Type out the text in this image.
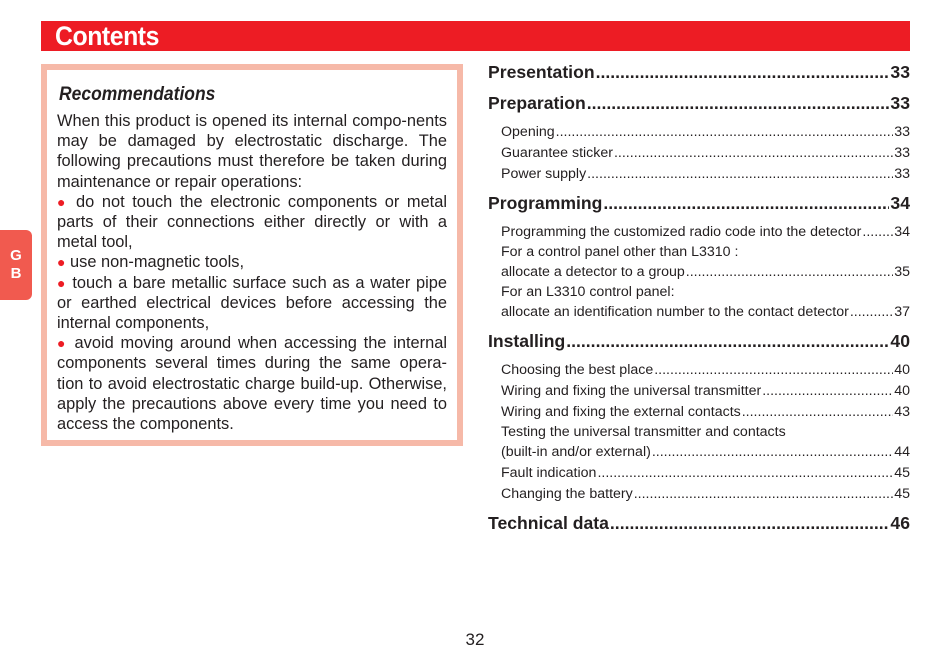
Contents
G
B
Recommendations

When this product is opened its internal compo-nents may be damaged by electrostatic discharge. The following precautions must therefore be taken during maintenance or repair operations:

● do not touch the electronic components or metal parts of their connections either directly or with a metal tool,

● use non-magnetic tools,

● touch a bare metallic surface such as a water pipe or earthed electrical devices before accessing the internal components,

● avoid moving around when accessing the internal components several times during the same opera-tion to avoid electrostatic charge build-up. Otherwise, apply the precautions above every time you need to access the components.

Presentation .....	33
Preparation .....	33
Opening .....	33
Guarantee sticker .....	33
Power supply .....	33
Programming .....	34
Programming the customized radio code into the detector ..... 34
For a control panel other than L3310 :
allocate a detector to a group .....	35
For an L3310 control panel:
allocate an identification number to the contact detector .....	37
Installing .....	40
Choosing the best place .....	40
Wiring and fixing the universal transmitter .....	40
Wiring and fixing the external contacts .....	43
Testing the universal transmitter and contacts
(built-in and/or external) .....	44
Fault indication .....	45
Changing the battery .....	45
Technical data .....	46
32
